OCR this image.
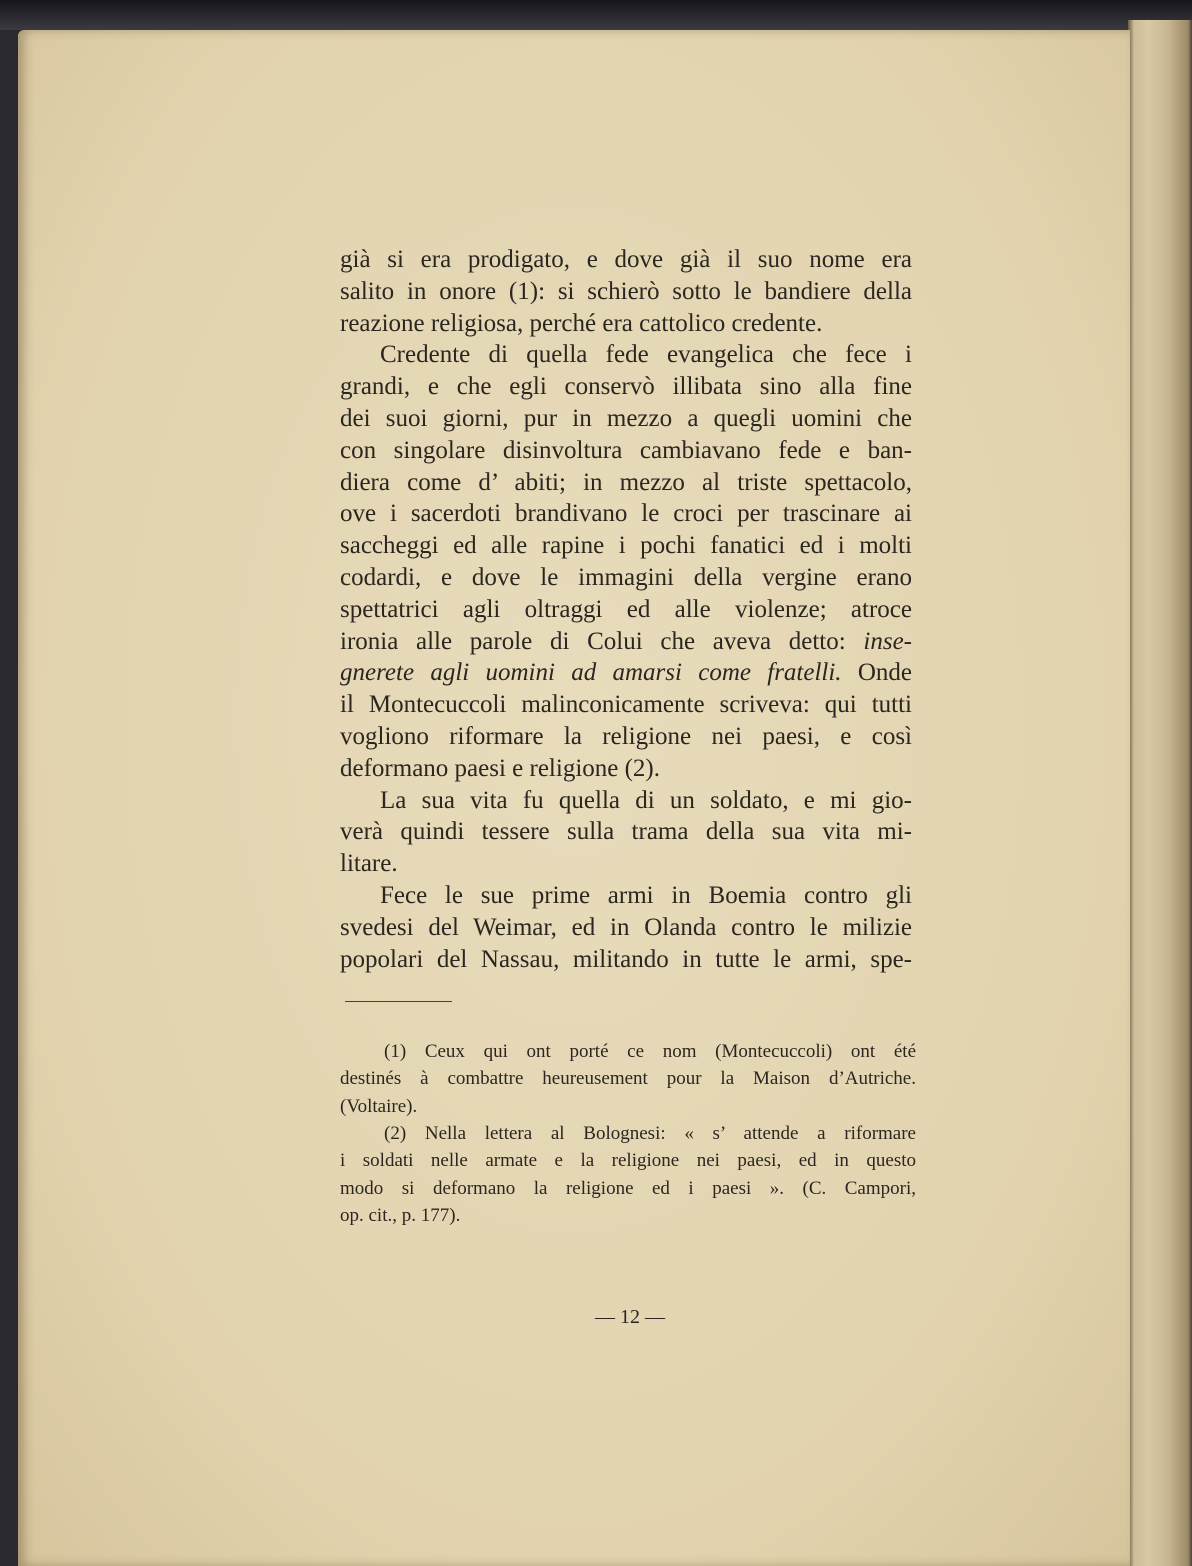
già si era prodigato, e dove già il suo nome era
salito in onore (1): si schierò sotto le bandiere della
reazione religiosa, perché era cattolico credente.
Credente di quella fede evangelica che fece i
grandi, e che egli conservò illibata sino alla fine
dei suoi giorni, pur in mezzo a quegli uomini che
con singolare disinvoltura cambiavano fede e ban-
diera come d’ abiti; in mezzo al triste spettacolo,
ove i sacerdoti brandivano le croci per trascinare ai
saccheggi ed alle rapine i pochi fanatici ed i molti
codardi, e dove le immagini della vergine erano
spettatrici agli oltraggi ed alle violenze; atroce
ironia alle parole di Colui che aveva detto: inse-
gnerete agli uomini ad amarsi come fratelli. Onde
il Montecuccoli malinconicamente scriveva: qui tutti
vogliono riformare la religione nei paesi, e così
deformano paesi e religione (2).
La sua vita fu quella di un soldato, e mi gio-
verà quindi tessere sulla trama della sua vita mi-
litare.
Fece le sue prime armi in Boemia contro gli
svedesi del Weimar, ed in Olanda contro le milizie
popolari del Nassau, militando in tutte le armi, spe-
(1) Ceux qui ont porté ce nom (Montecuccoli) ont été
destinés à combattre heureusement pour la Maison d’Autriche.
(Voltaire).
(2) Nella lettera al Bolognesi: « s’ attende a riformare
i soldati nelle armate e la religione nei paesi, ed in questo
modo si deformano la religione ed i paesi ». (C. Campori,
op. cit., p. 177).
— 12 —
